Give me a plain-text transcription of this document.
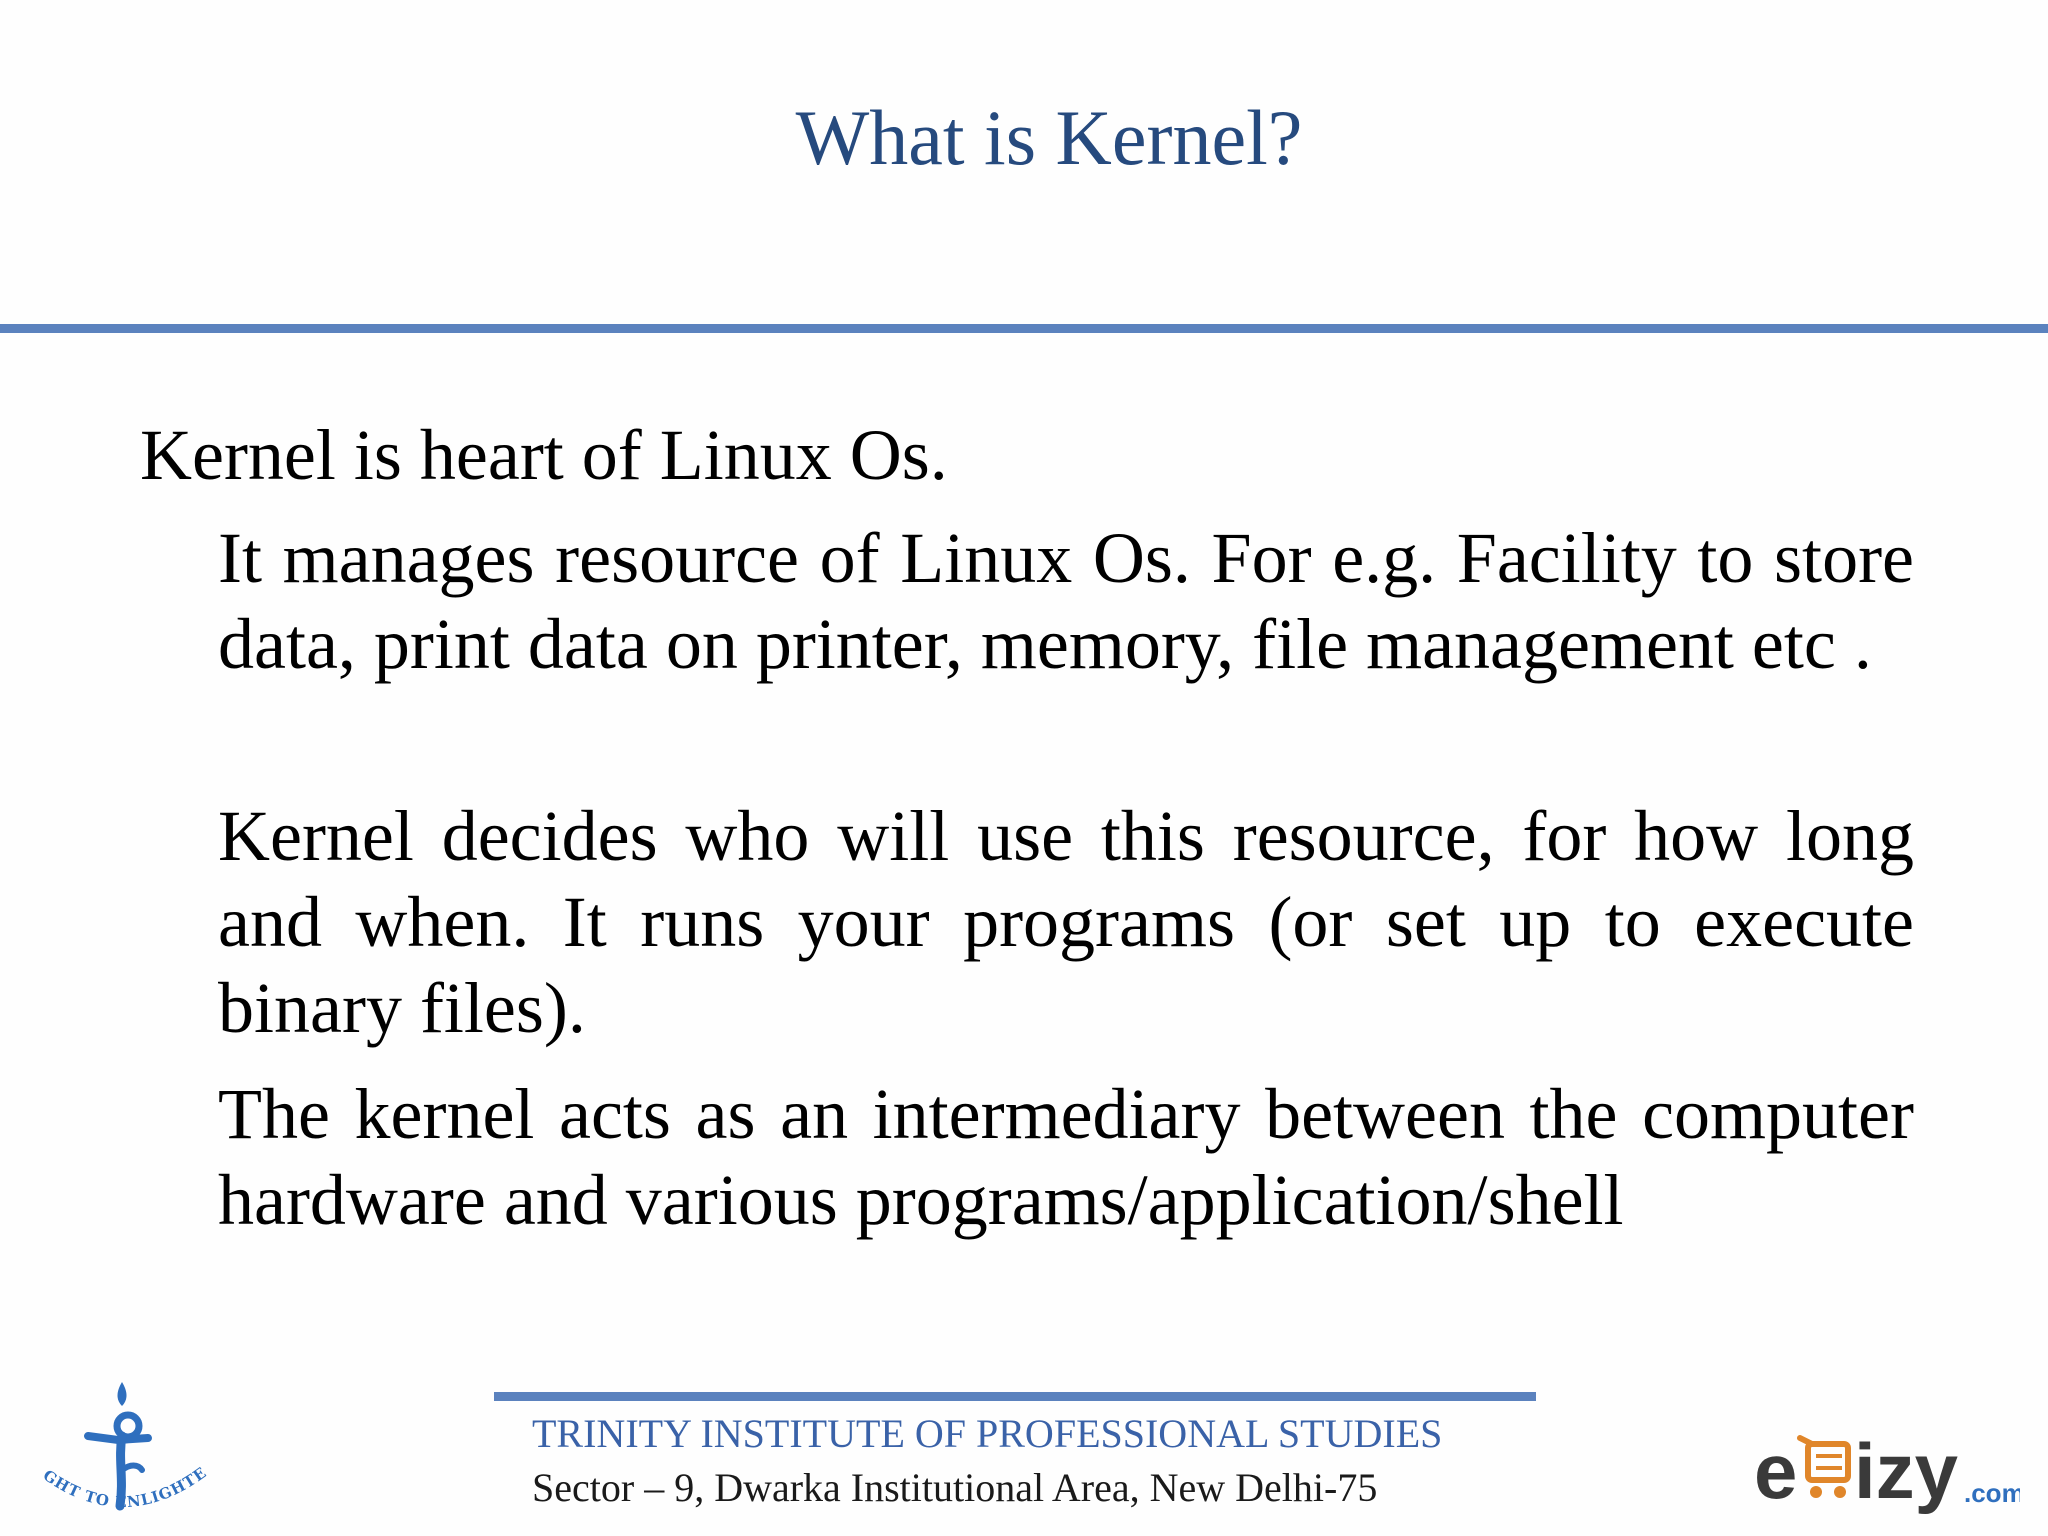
What is Kernel?
Kernel is heart of Linux Os.
It manages resource of Linux Os. For e.g. Facility to store data, print data on printer, memory, file management etc .
Kernel decides who will use this resource, for how long and when. It runs your programs (or set up to execute binary files).
The kernel acts as an intermediary between the computer hardware and various programs/application/shell
TRINITY INSTITUTE OF PROFESSIONAL STUDIES
Sector – 9, Dwarka Institutional Area, New Delhi-75
GHT TO ENLIGHTE	e izy .com
